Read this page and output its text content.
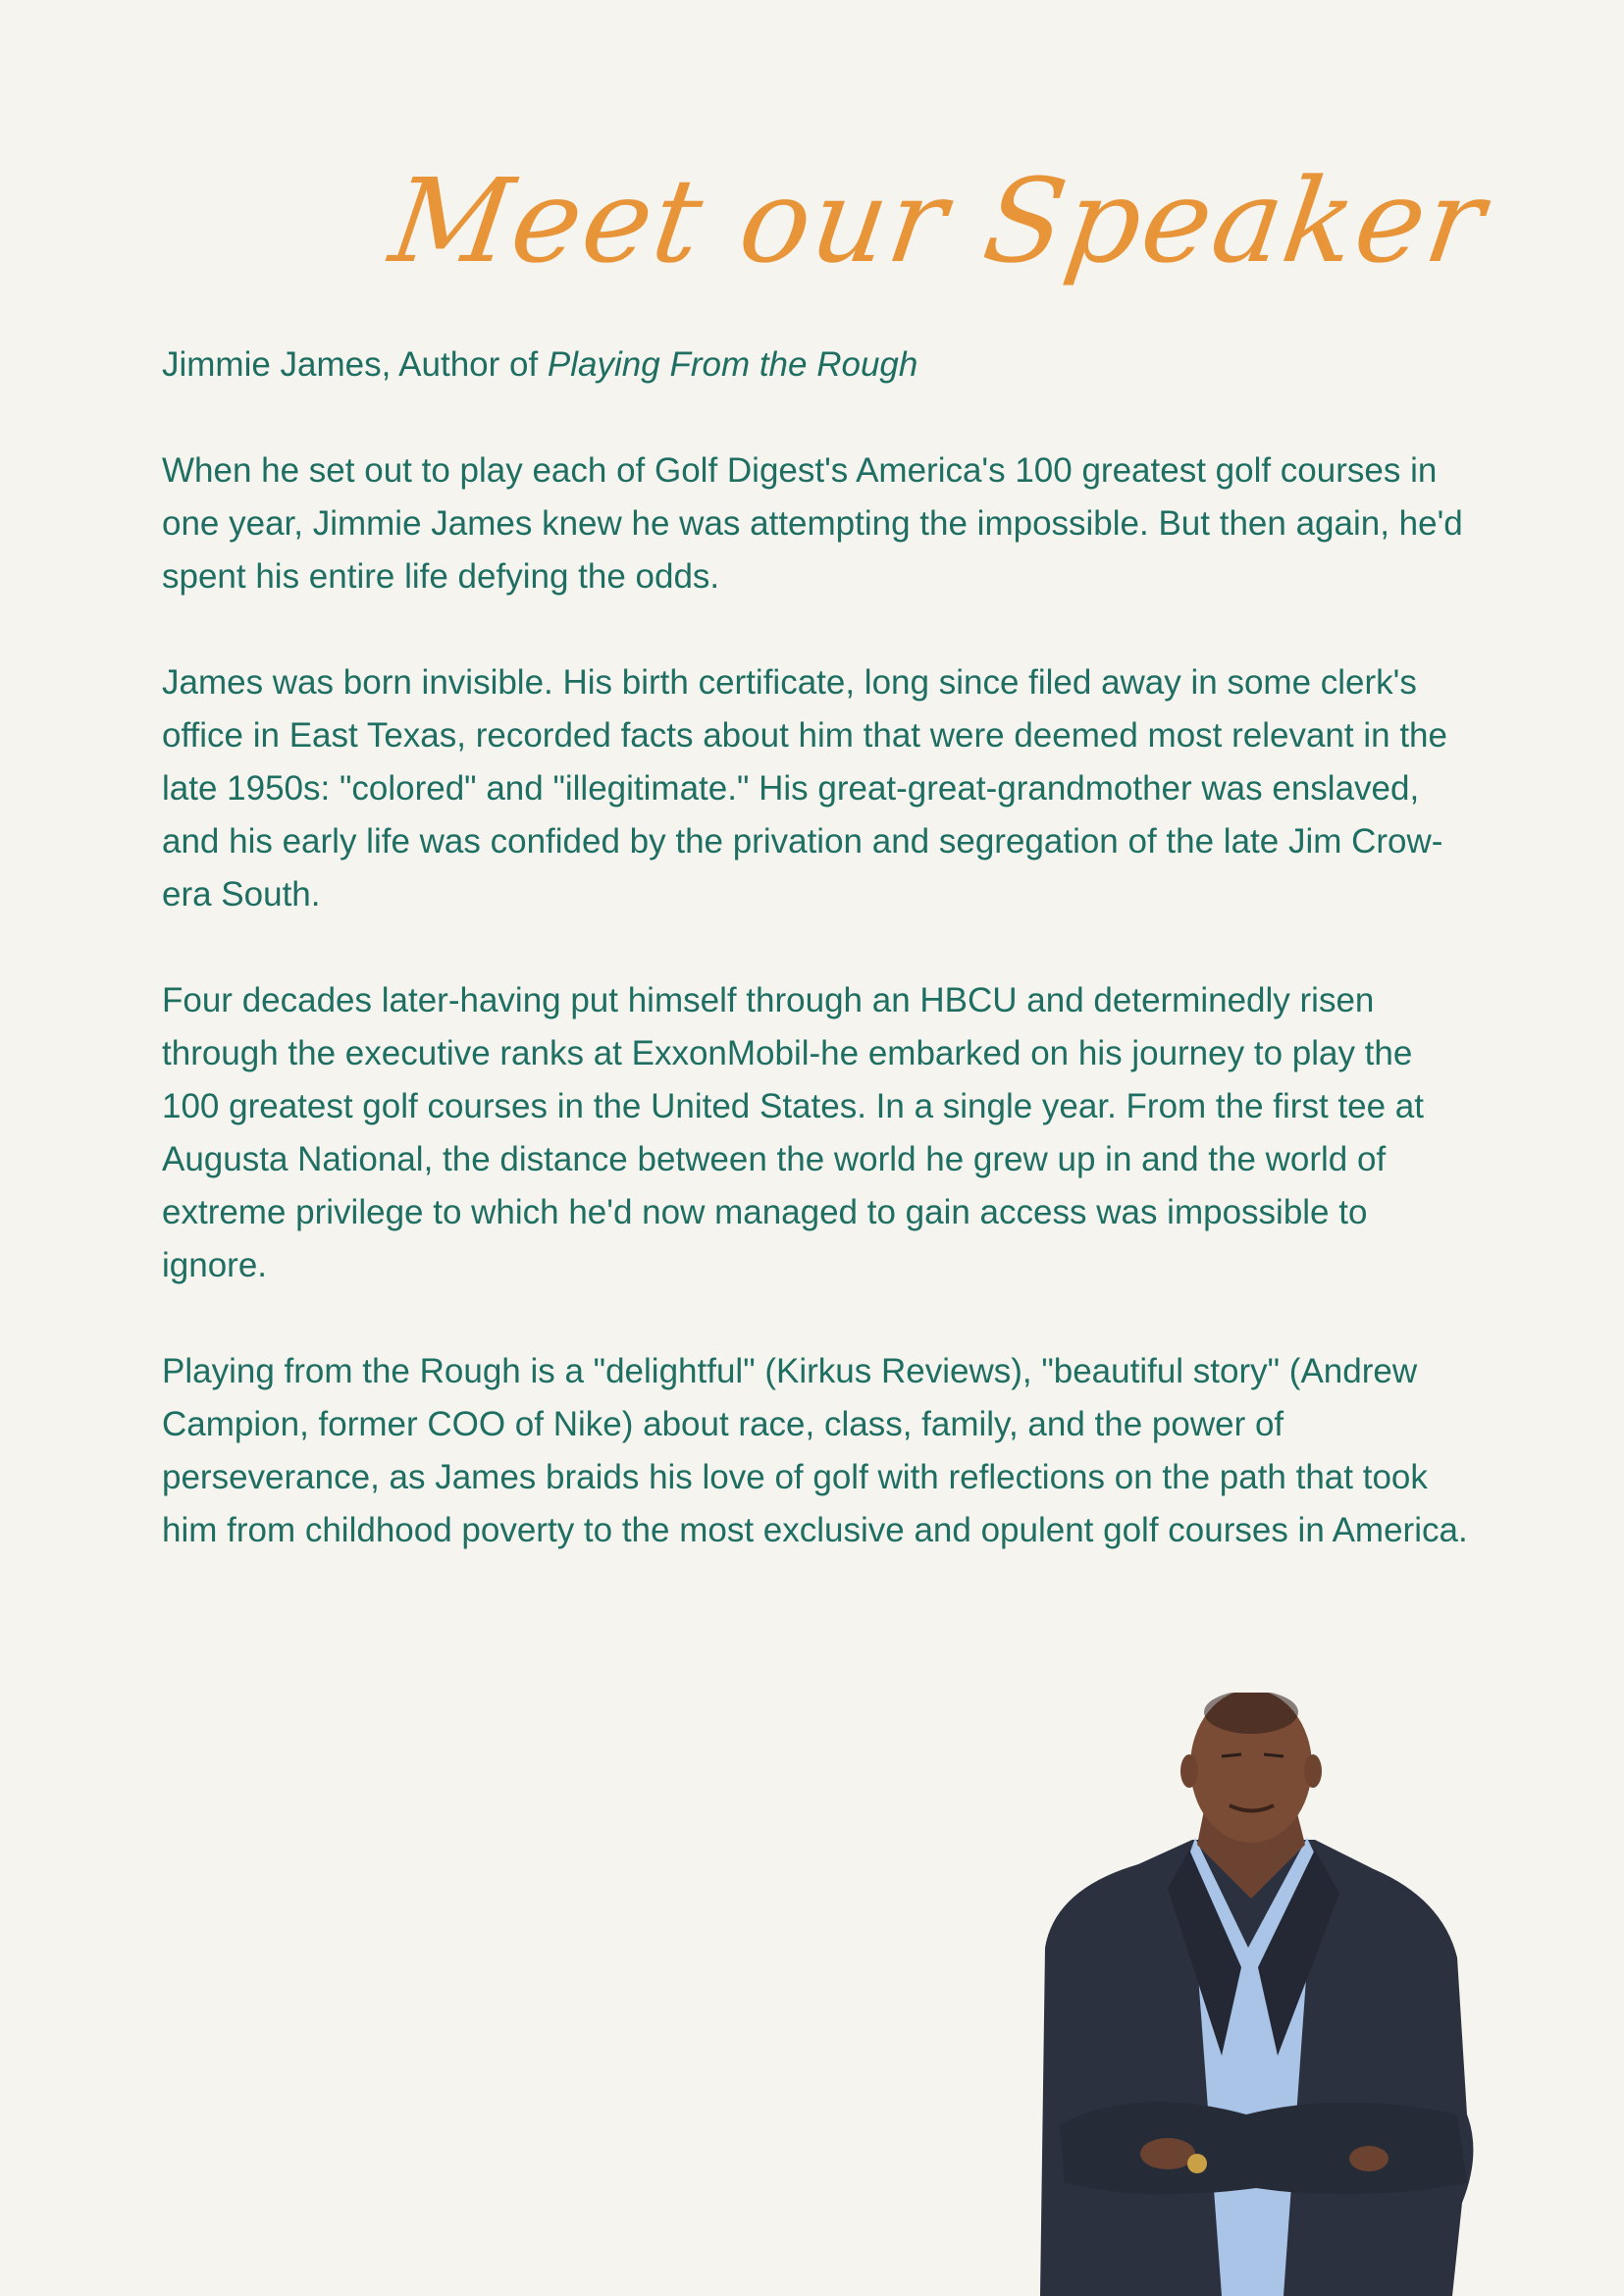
Meet our Speaker

Jimmie James, Author of Playing From the Rough

When he set out to play each of Golf Digest's America's 100 greatest golf courses in one year, Jimmie James knew he was attempting the impossible. But then again, he'd spent his entire life defying the odds.

James was born invisible. His birth certificate, long since filed away in some clerk's office in East Texas, recorded facts about him that were deemed most relevant in the late 1950s: "colored" and "illegitimate." His great-great-grandmother was enslaved, and his early life was confided by the privation and segregation of the late Jim Crow-era South.

Four decades later-having put himself through an HBCU and determinedly risen through the executive ranks at ExxonMobil-he embarked on his journey to play the 100 greatest golf courses in the United States. In a single year. From the first tee at Augusta National, the distance between the world he grew up in and the world of extreme privilege to which he'd now managed to gain access was impossible to ignore.

Playing from the Rough is a "delightful" (Kirkus Reviews), "beautiful story" (Andrew Campion, former COO of Nike) about race, class, family, and the power of perseverance, as James braids his love of golf with reflections on the path that took him from childhood poverty to the most exclusive and opulent golf courses in America.
